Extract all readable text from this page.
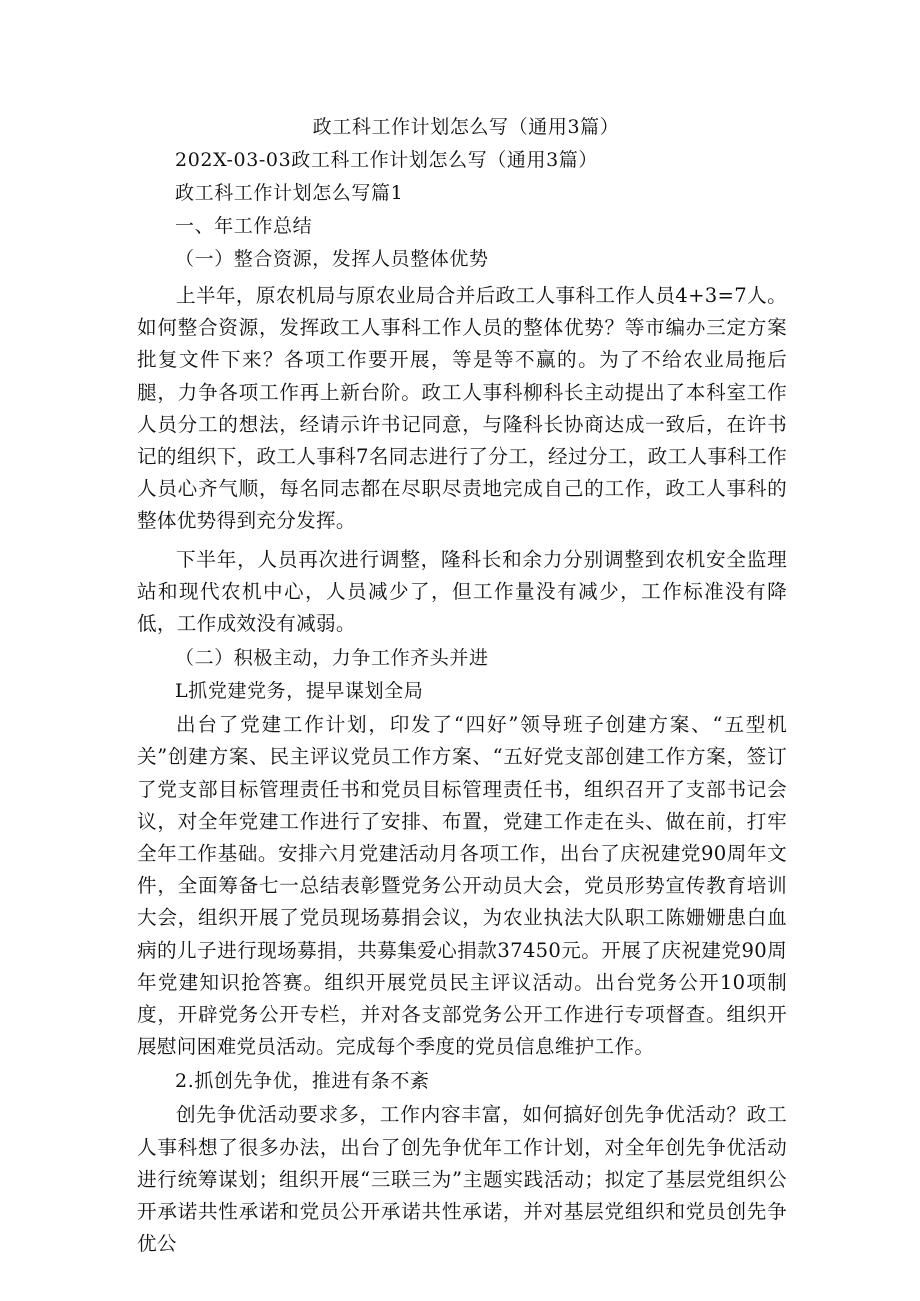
政工科工作计划怎么写（通用3篇）

202X-03-03政工科工作计划怎么写（通用3篇）

政工科工作计划怎么写篇1

一、年工作总结

（一）整合资源，发挥人员整体优势

上半年，原农机局与原农业局合并后政工人事科工作人员4+3=7人。如何整合资源，发挥政工人事科工作人员的整体优势？等市编办三定方案批复文件下来？各项工作要开展，等是等不赢的。为了不给农业局拖后腿，力争各项工作再上新台阶。政工人事科柳科长主动提出了本科室工作人员分工的想法，经请示许书记同意，与隆科长协商达成一致后，在许书记的组织下，政工人事科7名同志进行了分工，经过分工，政工人事科工作人员心齐气顺，每名同志都在尽职尽责地完成自己的工作，政工人事科的整体优势得到充分发挥。

下半年，人员再次进行调整，隆科长和余力分别调整到农机安全监理站和现代农机中心，人员减少了，但工作量没有减少，工作标准没有降低，工作成效没有减弱。

（二）积极主动，力争工作齐头并进

L抓党建党务，提早谋划全局

出台了党建工作计划，印发了“四好”领导班子创建方案、“五型机关”创建方案、民主评议党员工作方案、“五好党支部创建工作方案，签订了党支部目标管理责任书和党员目标管理责任书，组织召开了支部书记会议，对全年党建工作进行了安排、布置，党建工作走在头、做在前，打牢全年工作基础。安排六月党建活动月各项工作，出台了庆祝建党90周年文件，全面筹备七一总结表彰暨党务公开动员大会，党员形势宣传教育培训大会，组织开展了党员现场募捐会议，为农业执法大队职工陈姗姗患白血病的儿子进行现场募捐，共募集爱心捐款37450元。开展了庆祝建党90周年党建知识抢答赛。组织开展党员民主评议活动。出台党务公开10项制度，开辟党务公开专栏，并对各支部党务公开工作进行专项督查。组织开展慰问困难党员活动。完成每个季度的党员信息维护工作。

2.抓创先争优，推进有条不紊

创先争优活动要求多，工作内容丰富，如何搞好创先争优活动？政工人事科想了很多办法，出台了创先争优年工作计划，对全年创先争优活动进行统筹谋划；组织开展“三联三为”主题实践活动；拟定了基层党组织公开承诺共性承诺和党员公开承诺共性承诺，并对基层党组织和党员创先争优公
